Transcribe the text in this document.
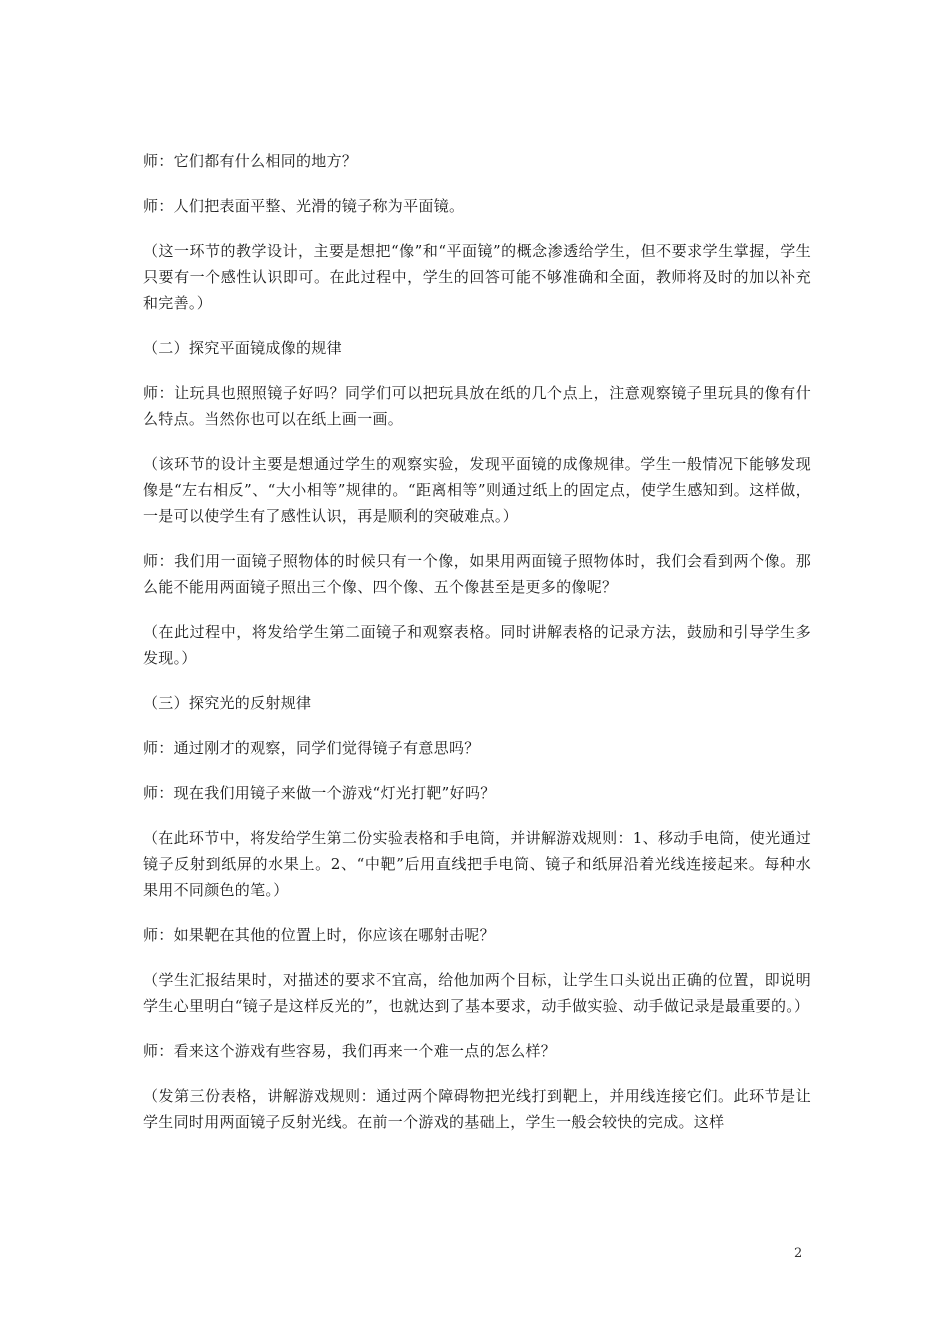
师：它们都有什么相同的地方？

师：人们把表面平整、光滑的镜子称为平面镜。

（这一环节的教学设计，主要是想把“像”和“平面镜”的概念渗透给学生，但不要求学生掌握，学生只要有一个感性认识即可。在此过程中，学生的回答可能不够准确和全面，教师将及时的加以补充和完善。）

（二）探究平面镜成像的规律

师：让玩具也照照镜子好吗？同学们可以把玩具放在纸的几个点上，注意观察镜子里玩具的像有什么特点。当然你也可以在纸上画一画。

（该环节的设计主要是想通过学生的观察实验，发现平面镜的成像规律。学生一般情况下能够发现像是“左右相反”、“大小相等”规律的。“距离相等”则通过纸上的固定点，使学生感知到。这样做，一是可以使学生有了感性认识，再是顺利的突破难点。）

师：我们用一面镜子照物体的时候只有一个像，如果用两面镜子照物体时，我们会看到两个像。那么能不能用两面镜子照出三个像、四个像、五个像甚至是更多的像呢？

（在此过程中，将发给学生第二面镜子和观察表格。同时讲解表格的记录方法，鼓励和引导学生多发现。）

（三）探究光的反射规律

师：通过刚才的观察，同学们觉得镜子有意思吗？

师：现在我们用镜子来做一个游戏“灯光打靶”好吗？

（在此环节中，将发给学生第二份实验表格和手电筒，并讲解游戏规则：1、移动手电筒，使光通过镜子反射到纸屏的水果上。2、“中靶”后用直线把手电筒、镜子和纸屏沿着光线连接起来。每种水果用不同颜色的笔。）

师：如果靶在其他的位置上时，你应该在哪射击呢？

（学生汇报结果时，对描述的要求不宜高，给他加两个目标，让学生口头说出正确的位置，即说明学生心里明白“镜子是这样反光的”，也就达到了基本要求，动手做实验、动手做记录是最重要的。）

师：看来这个游戏有些容易，我们再来一个难一点的怎么样？

（发第三份表格，讲解游戏规则：通过两个障碍物把光线打到靶上，并用线连接它们。此环节是让学生同时用两面镜子反射光线。在前一个游戏的基础上，学生一般会较快的完成。这样

2
